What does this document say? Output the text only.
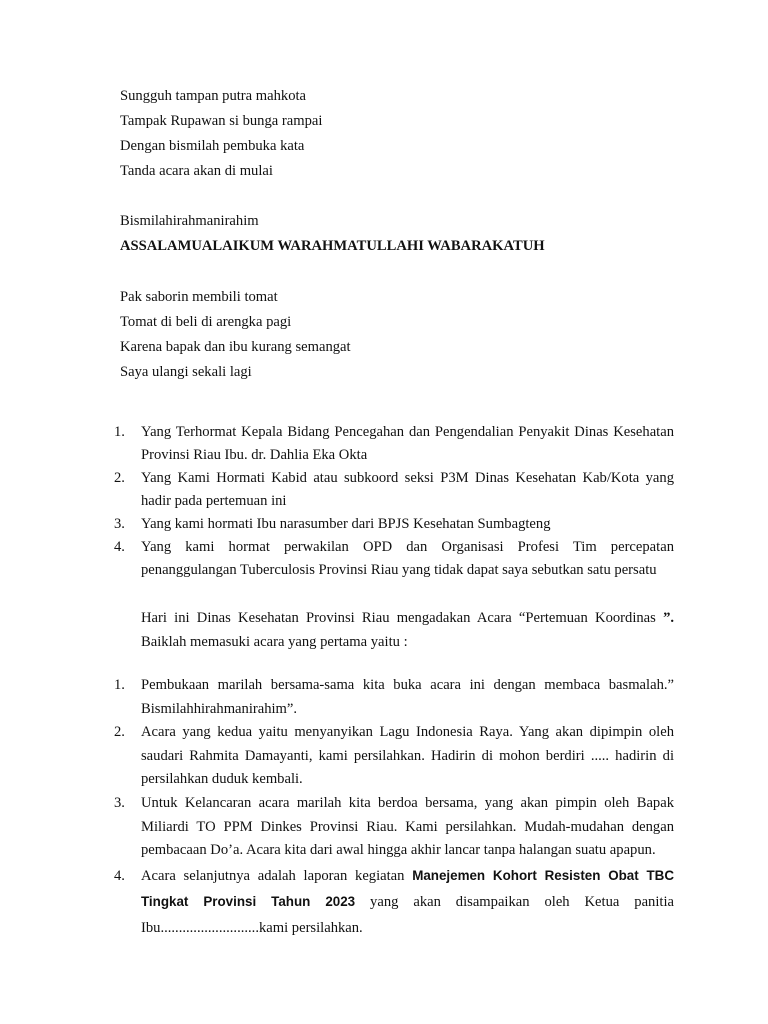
Sungguh tampan putra mahkota
Tampak Rupawan si bunga rampai
Dengan bismilah pembuka kata
Tanda acara akan di mulai
Bismilahirahmanirahim
ASSALAMUALAIKUM WARAHMATULLAHI WABARAKATUH
Pak saborin membili tomat
Tomat di beli di arengka pagi
Karena bapak dan ibu kurang semangat
Saya ulangi sekali lagi
1. Yang Terhormat Kepala Bidang Pencegahan dan Pengendalian Penyakit Dinas Kesehatan Provinsi Riau Ibu. dr. Dahlia Eka Okta
2. Yang Kami Hormati Kabid atau subkoord seksi P3M Dinas Kesehatan Kab/Kota yang hadir pada pertemuan ini
3. Yang kami hormati Ibu narasumber dari BPJS Kesehatan Sumbagteng
4. Yang kami hormat perwakilan OPD dan Organisasi Profesi Tim percepatan penanggulangan Tuberculosis Provinsi Riau yang tidak dapat saya sebutkan satu persatu
Hari ini Dinas Kesehatan Provinsi Riau mengadakan Acara “Pertemuan Koordinas ”.
Baiklah memasuki acara yang pertama yaitu :
1. Pembukaan marilah bersama-sama kita buka acara ini dengan membaca basmalah.” Bismilahhirahmanirahim”.
2. Acara yang kedua yaitu menyanyikan Lagu Indonesia Raya. Yang akan dipimpin oleh saudari Rahmita Damayanti, kami persilahkan. Hadirin di mohon berdiri ..... hadirin di persilahkan duduk kembali.
3. Untuk Kelancaran acara marilah kita berdoa bersama, yang akan pimpin oleh Bapak Miliardi TO PPM Dinkes Provinsi Riau. Kami persilahkan. Mudah-mudahan dengan pembacaan Do’a. Acara kita dari awal hingga akhir lancar tanpa halangan suatu apapun.
4. Acara selanjutnya adalah laporan kegiatan Manejemen Kohort Resisten Obat TBC Tingkat Provinsi Tahun 2023 yang akan disampaikan oleh Ketua panitia Ibu...........................kami persilahkan.
